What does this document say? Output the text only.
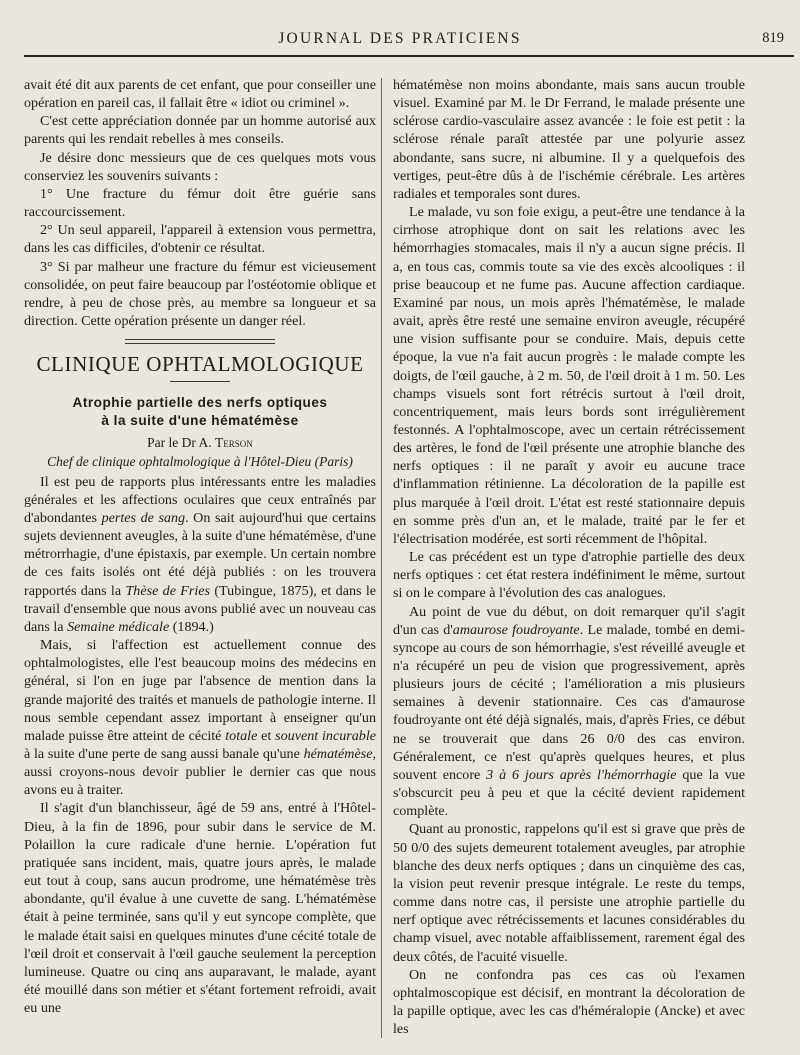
JOURNAL DES PRATICIENS	819

avait été dit aux parents de cet enfant, que pour conseiller une opération en pareil cas, il fallait être « idiot ou criminel ».

C'est cette appréciation donnée par un homme autorisé aux parents qui les rendait rebelles à mes conseils.

Je désire donc messieurs que de ces quelques mots vous conserviez les souvenirs suivants :

1° Une fracture du fémur doit être guérie sans raccourcissement.

2° Un seul appareil, l'appareil à extension vous permettra, dans les cas difficiles, d'obtenir ce résultat.

3° Si par malheur une fracture du fémur est vicieusement consolidée, on peut faire beaucoup par l'ostéotomie oblique et rendre, à peu de chose près, au membre sa longueur et sa direction. Cette opération présente un danger réel.

CLINIQUE OPHTALMOLOGIQUE
Atrophie partielle des nerfs optiques
à la suite d'une hématémèse
Par le Dr A. Terson
Chef de clinique ophtalmologique à l'Hôtel-Dieu (Paris)

Il est peu de rapports plus intéressants entre les maladies générales et les affections oculaires que ceux entraînés par d'abondantes pertes de sang. On sait aujourd'hui que certains sujets deviennent aveugles, à la suite d'une hématémèse, d'une métrorrhagie, d'une épistaxis, par exemple. Un certain nombre de ces faits isolés ont été déjà publiés : on les trouvera rapportés dans la Thèse de Fries (Tubingue, 1875), et dans le travail d'ensemble que nous avons publié avec un nouveau cas dans la Semaine médicale (1894.)

Mais, si l'affection est actuellement connue des ophtalmologistes, elle l'est beaucoup moins des médecins en général, si l'on en juge par l'absence de mention dans la grande majorité des traités et manuels de pathologie interne. Il nous semble cependant assez important à enseigner qu'un malade puisse être atteint de cécité totale et souvent incurable à la suite d'une perte de sang aussi banale qu'une hématémèse, aussi croyons-nous devoir publier le dernier cas que nous avons eu à traiter.

Il s'agit d'un blanchisseur, âgé de 59 ans, entré à l'Hôtel-Dieu, à la fin de 1896, pour subir dans le service de M. Polaillon la cure radicale d'une hernie. L'opération fut pratiquée sans incident, mais, quatre jours après, le malade eut tout à coup, sans aucun prodrome, une hématémèse très abondante, qu'il évalue à une cuvette de sang. L'hématémèse était à peine terminée, sans qu'il y eut syncope complète, que le malade était saisi en quelques minutes d'une cécité totale de l'œil droit et conservait à l'œil gauche seulement la perception lumineuse. Quatre ou cinq ans auparavant, le malade, ayant été mouillé dans son métier et s'étant fortement refroidi, avait eu une

hématémèse non moins abondante, mais sans aucun trouble visuel. Examiné par M. le Dr Ferrand, le malade présente une sclérose cardio-vasculaire assez avancée : le foie est petit : la sclérose rénale paraît attestée par une polyurie assez abondante, sans sucre, ni albumine. Il y a quelquefois des vertiges, peut-être dûs à de l'ischémie cérébrale. Les artères radiales et temporales sont dures.

Le malade, vu son foie exigu, a peut-être une tendance à la cirrhose atrophique dont on sait les relations avec les hémorrhagies stomacales, mais il n'y a aucun signe précis. Il a, en tous cas, commis toute sa vie des excès alcooliques : il prise beaucoup et ne fume pas. Aucune affection cardiaque. Examiné par nous, un mois après l'hématémèse, le malade avait, après être resté une semaine environ aveugle, récupéré une vision suffisante pour se conduire. Mais, depuis cette époque, la vue n'a fait aucun progrès : le malade compte les doigts, de l'œil gauche, à 2 m. 50, de l'œil droit à 1 m. 50. Les champs visuels sont fort rétrécis surtout à l'œil droit, concentriquement, mais leurs bords sont irrégulièrement festonnés. A l'ophtalmoscope, avec un certain rétrécissement des artères, le fond de l'œil présente une atrophie blanche des nerfs optiques : il ne paraît y avoir eu aucune trace d'inflammation rétinienne. La décoloration de la papille est plus marquée à l'œil droit. L'état est resté stationnaire depuis en somme près d'un an, et le malade, traité par le fer et l'électrisation modérée, est sorti récemment de l'hôpital.

Le cas précédent est un type d'atrophie partielle des deux nerfs optiques : cet état restera indéfiniment le même, surtout si on le compare à l'évolution des cas analogues.

Au point de vue du début, on doit remarquer qu'il s'agit d'un cas d'amaurose foudroyante. Le malade, tombé en demi-syncope au cours de son hémorrhagie, s'est réveillé aveugle et n'a récupéré un peu de vision que progressivement, après plusieurs jours de cécité ; l'amélioration a mis plusieurs semaines à devenir stationnaire. Ces cas d'amaurose foudroyante ont été déjà signalés, mais, d'après Fries, ce début ne se trouverait que dans 26 0/0 des cas environ. Généralement, ce n'est qu'après quelques heures, et plus souvent encore 3 à 6 jours après l'hémorrhagie que la vue s'obscurcit peu à peu et que la cécité devient rapidement complète.

Quant au pronostic, rappelons qu'il est si grave que près de 50 0/0 des sujets demeurent totalement aveugles, par atrophie blanche des deux nerfs optiques ; dans un cinquième des cas, la vision peut revenir presque intégrale. Le reste du temps, comme dans notre cas, il persiste une atrophie partielle du nerf optique avec rétrécissements et lacunes considérables du champ visuel, avec notable affaiblissement, rarement égal des deux côtés, de l'acuité visuelle.

On ne confondra pas ces cas où l'examen ophtalmoscopique est décisif, en montrant la décoloration de la papille optique, avec les cas d'héméralopie (Ancke) et avec les
